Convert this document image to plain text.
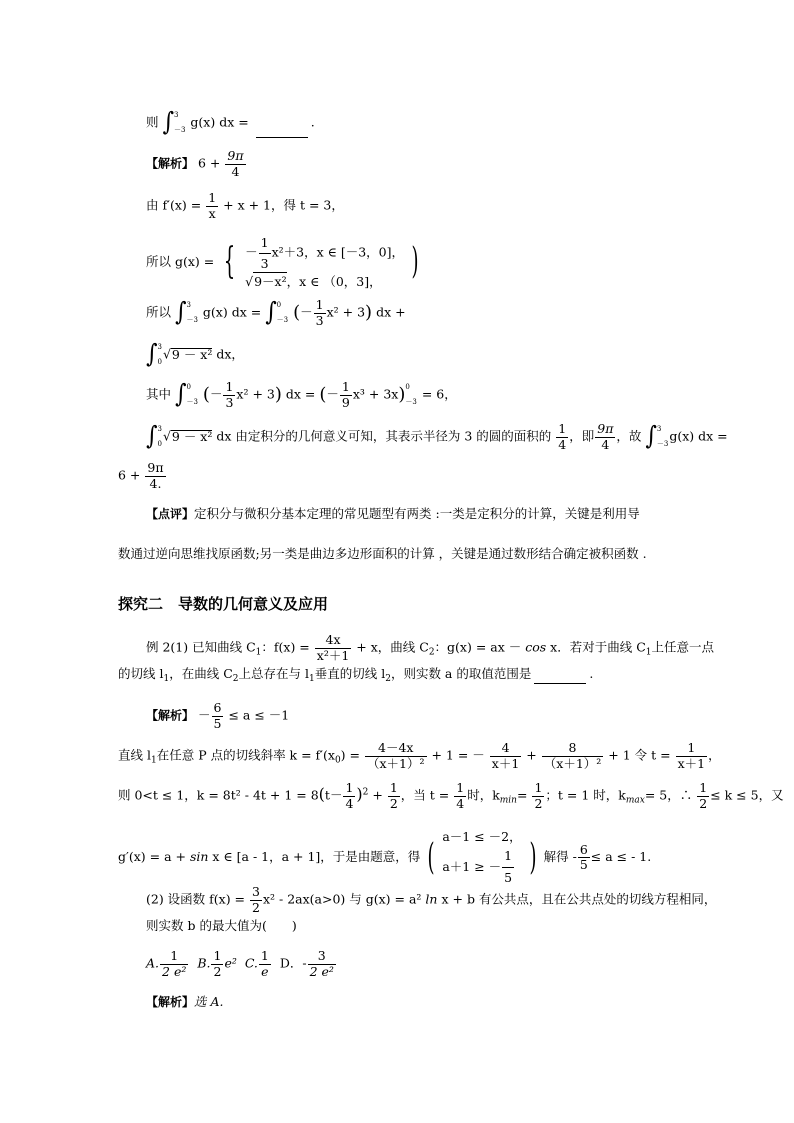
则 ∫3
－3 g(x) dx =	.
【解析】 $6 + \frac{9\pi}{4}$
由 $f'(x) = \frac{1}{x} + x + 1$，得 t = 3，
所以 g(x) = { － $\frac{1}{3} x^2+3$，x ∈ [－3，0]，
√9－x²，x ∈ （0，3]， )
所以 ∫3
－3 g(x) dx = ∫0
－3 (－ $\frac{1}{3} x^2 + 3$) dx +
∫3
0√9 － x² dx，
其中 ∫0
－3 (－ $\frac{1}{3} x^2 + 3$) dx = (－ $\frac{1}{9} x^3 + 3x)0$
－3 = 6，
∫3
0√9 － x² dx 由定积分的几何意义可知，其表示半径为 3 的圆的面积的 $\frac{1}{4}$ ，即 $\frac{9\pi}{4}$ ，故 ∫3
－3g(x) dx =
$6 + \frac{9\pi}{4.}$
【点评】定积分与微积分基本定理的常见题型有两类 :一类是定积分的计算，关键是利用导
数通过逆向思维找原函数;另一类是曲边多边形面积的计算 ，关键是通过数形结合确定被积函数 .
探究二　导数的几何意义及应用
例 2(1) 已知曲线 $C_1$：$f(x) = \frac{4x}{\text{x²＋1}} + x$，曲线 $C_2$：g(x) = ax － cos x．若对于曲线 $C_1$上任意一点
的切线 $l_1$，在曲线 $C_2$上总存在与 $l_1$垂直的切线 $l_2$，则实数 a 的取值范围是	.
【解析】 － $\frac{6}{5} \le a \le -1$
直线 $l_1$在任意 P 点的切线斜率 $k = f'(x_0) = \frac{4-4x}{\text{（x＋1）²}} + 1$ = － $\frac{4}{x+1} + \frac{8}{\text{（x＋1）²}} + 1$ 令 $t = \frac{1}{x+1}$ ，
则 0<t ≤ 1，$k = 8t^2 - 4t + 1 = 8(t- \frac{1}{4} )^2 + \frac{1}{2}$ ，当 $t = \frac{1}{4}$ 时，$k_{min}= \frac{1}{2}$ ；t = 1 时，$k_{max}= 5$，∴ $\frac{1}{2} \le k \le 5$，又
g′(x) = a + sin x ∈ [a - 1，a + 1]，于是由题意，得 (
a－1 ≤ －2，
a＋1 ≥ － $\frac{1}{5}$ ) 解得 - $\frac{6}{5} \le a$ ≤ - 1.
(2) 设函数 $f(x) = \frac{3}{2} x^2 - 2ax(a>0)$ 与 g(x) = a² ln x + b 有公共点，且在公共点处的切线方程相同，
则实数 b 的最大值为(　　)
A. $\frac{1}{\text{2 e²}} B$. $\frac{1}{2} e^2$ C. $\frac{1}{e}$ D．- $\frac{3}{\text{2 e²}}$
【解析】选 A.
